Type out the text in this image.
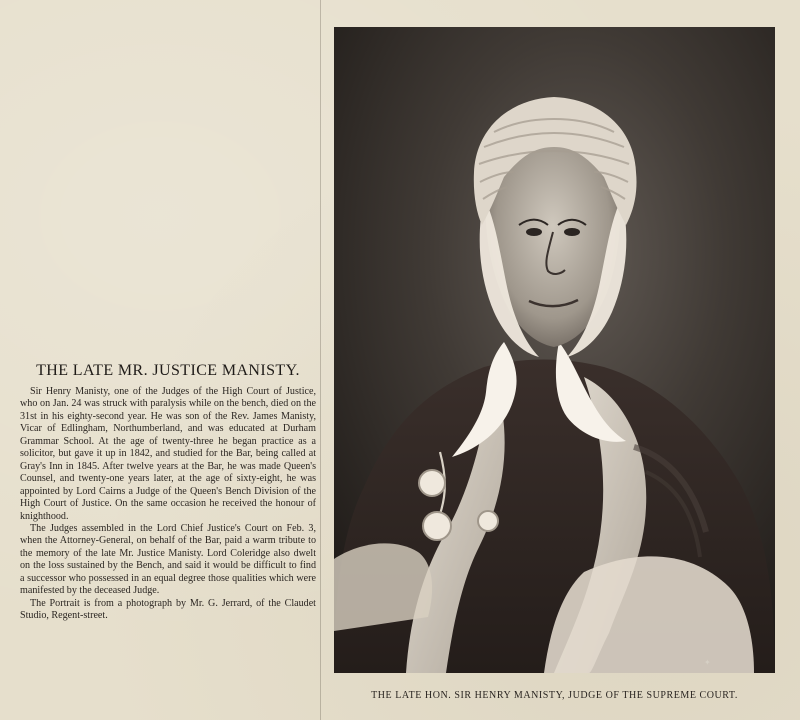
THE LATE MR. JUSTICE MANISTY.

Sir Henry Manisty, one of the Judges of the High Court of Justice, who on Jan. 24 was struck with paralysis while on the bench, died on the 31st in his eighty-second year. He was son of the Rev. James Manisty, Vicar of Edlingham, Northumberland, and was educated at Durham Grammar School. At the age of twenty-three he began practice as a solicitor, but gave it up in 1842, and studied for the Bar, being called at Gray's Inn in 1845. After twelve years at the Bar, he was made Queen's Counsel, and twenty-one years later, at the age of sixty-eight, he was appointed by Lord Cairns a Judge of the Queen's Bench Division of the High Court of Justice. On the same occasion he received the honour of knighthood.

The Judges assembled in the Lord Chief Justice's Court on Feb. 3, when the Attorney-General, on behalf of the Bar, paid a warm tribute to the memory of the late Mr. Justice Manisty. Lord Coleridge also dwelt on the loss sustained by the Bench, and said it would be difficult to find a successor who possessed in an equal degree those qualities which were manifested by the deceased Judge.

The Portrait is from a photograph by Mr. G. Jerrard, of the Claudet Studio, Regent-street.

✦
THE LATE HON. SIR HENRY MANISTY, JUDGE OF THE SUPREME COURT.
